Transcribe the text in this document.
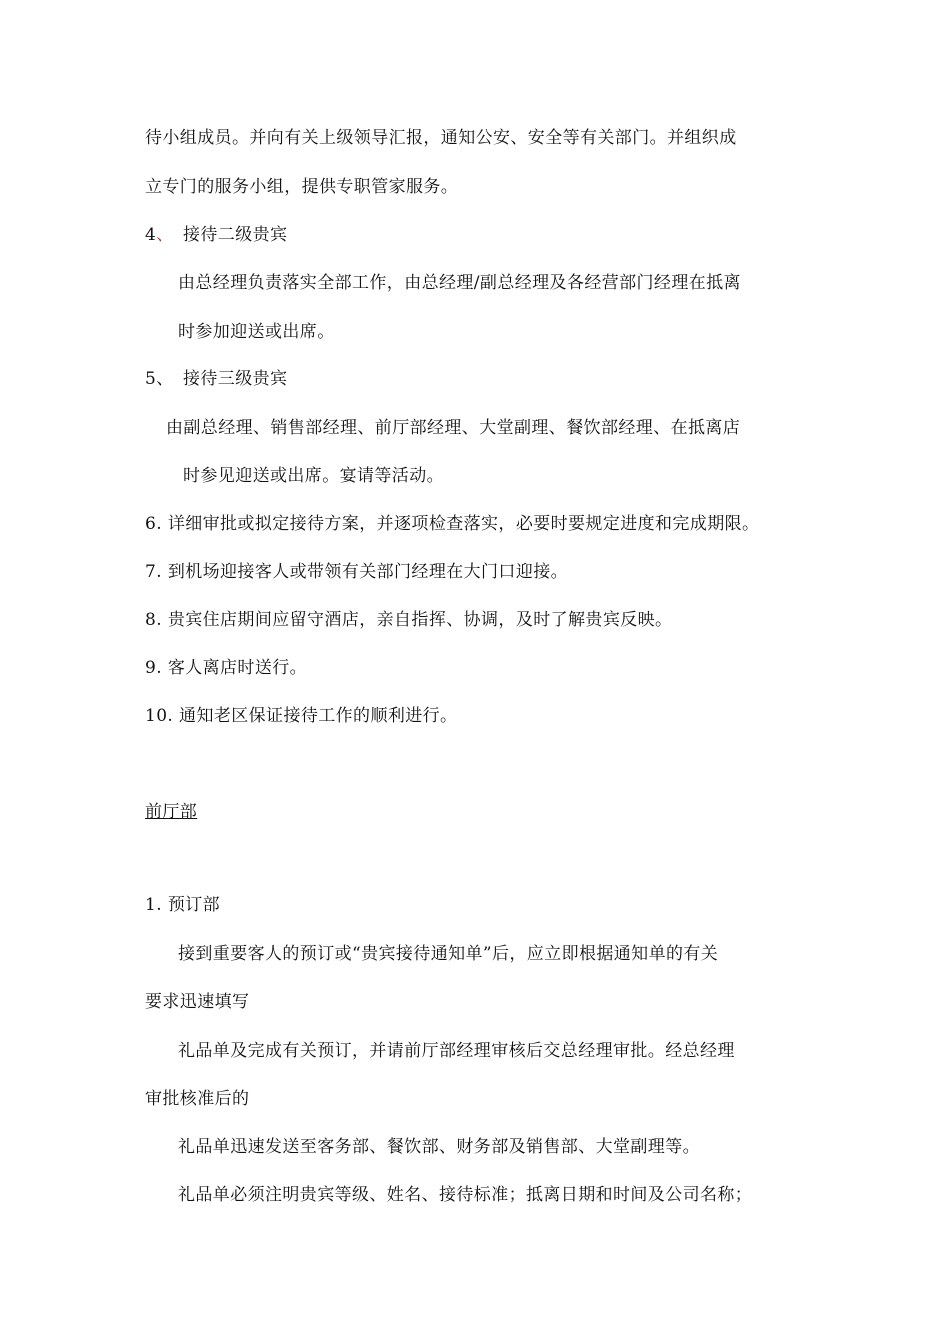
待小组成员。并向有关上级领导汇报，通知公安、安全等有关部门。并组织成
立专门的服务小组，提供专职管家服务。
4、 接待二级贵宾
由总经理负责落实全部工作，由总经理/副总经理及各经营部门经理在抵离
时参加迎送或出席。
5、 接待三级贵宾
由副总经理、销售部经理、前厅部经理、大堂副理、餐饮部经理、在抵离店
时参见迎送或出席。宴请等活动。
6. 详细审批或拟定接待方案，并逐项检查落实，必要时要规定进度和完成期限。
7. 到机场迎接客人或带领有关部门经理在大门口迎接。
8. 贵宾住店期间应留守酒店，亲自指挥、协调，及时了解贵宾反映。
9. 客人离店时送行。
10. 通知老区保证接待工作的顺利进行。
前厅部
1. 预订部
接到重要客人的预订或“贵宾接待通知单”后，应立即根据通知单的有关
要求迅速填写
礼品单及完成有关预订，并请前厅部经理审核后交总经理审批。经总经理
审批核准后的
礼品单迅速发送至客务部、餐饮部、财务部及销售部、大堂副理等。
礼品单必须注明贵宾等级、姓名、接待标准；抵离日期和时间及公司名称；
